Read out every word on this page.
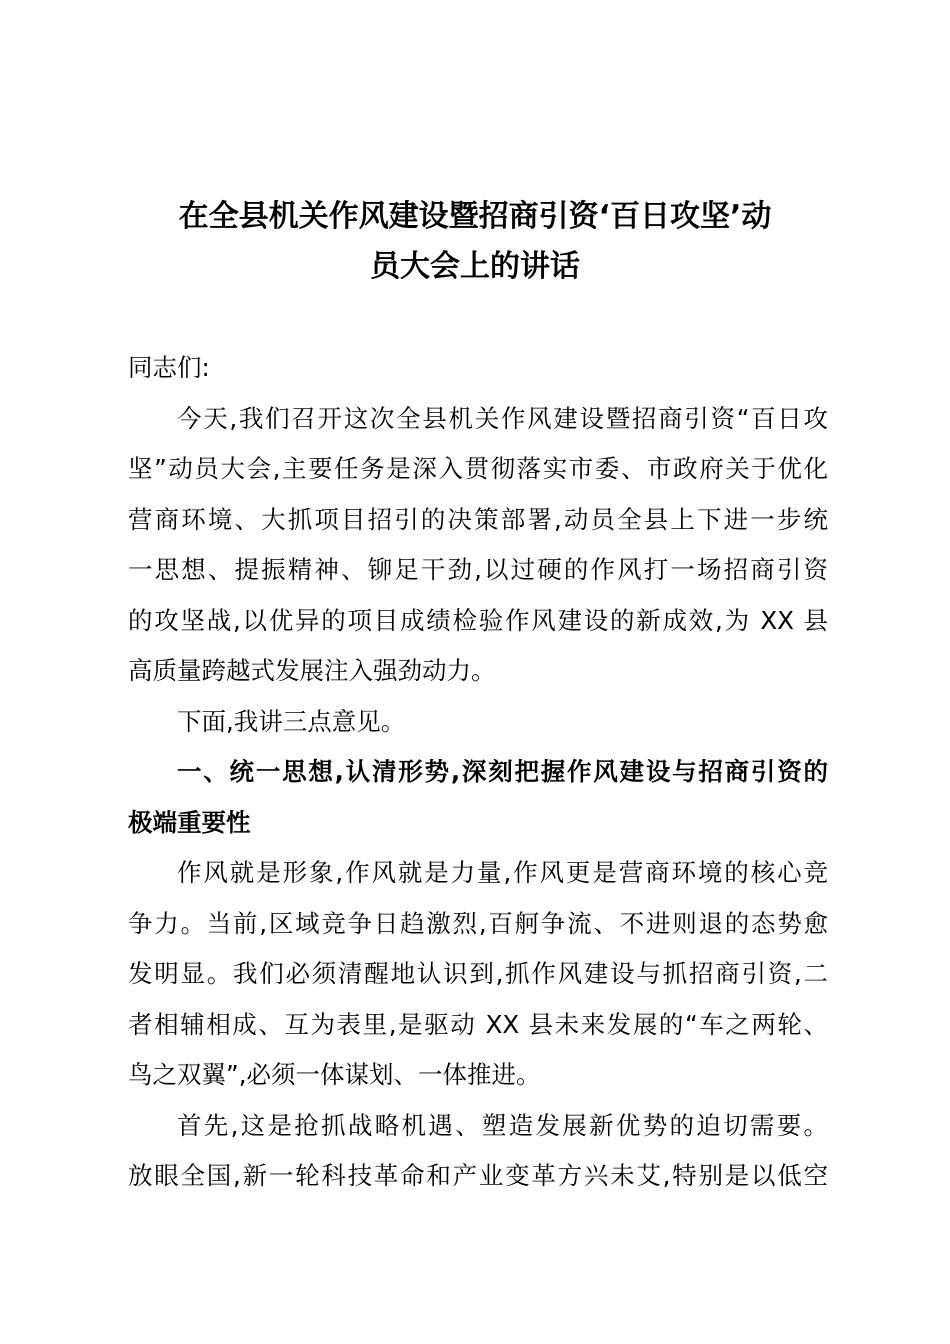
在全县机关作风建设暨招商引资‘百日攻坚’动

员大会上的讲话

同志们:
今天,我们召开这次全县机关作风建设暨招商引资“百日攻
坚”动员大会,主要任务是深入贯彻落实市委、市政府关于优化
营商环境、大抓项目招引的决策部署,动员全县上下进一步统
一思想、提振精神、铆足干劲,以过硬的作风打一场招商引资
的攻坚战,以优异的项目成绩检验作风建设的新成效,为 XX 县
高质量跨越式发展注入强劲动力。
下面,我讲三点意见。
一、统一思想,认清形势,深刻把握作风建设与招商引资的
极端重要性
作风就是形象,作风就是力量,作风更是营商环境的核心竞
争力。当前,区域竞争日趋激烈,百舸争流、不进则退的态势愈
发明显。我们必须清醒地认识到,抓作风建设与抓招商引资,二
者相辅相成、互为表里,是驱动 XX 县未来发展的“车之两轮、
鸟之双翼”,必须一体谋划、一体推进。
首先,这是抢抓战略机遇、塑造发展新优势的迫切需要。
放眼全国,新一轮科技革命和产业变革方兴未艾,特别是以低空
